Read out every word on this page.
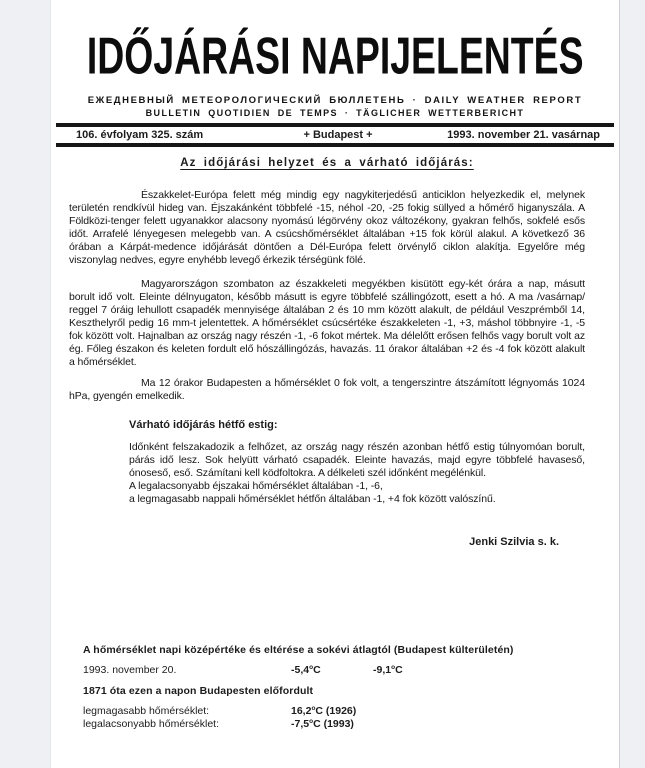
IDŐJÁRÁSI NAPIJELENTÉS
ЕЖЕДНЕВНЫЙ МЕТЕОРОЛОГИЧЕСКИЙ БЮЛЛЕТЕНЬ · DAILY WEATHER REPORT
BULLETIN QUOTIDIEN DE TEMPS · TÄGLICHER WETTERBERICHT
106. évfolyam 325. szám	+ Budapest +	1993. november 21. vasárnap
Az időjárási helyzet és a várható időjárás:

Északkelet-Európa felett még mindig egy nagykiterjedésű anticiklon helyezkedik el, melynek területén rendkívül hideg van. Éjszakánként többfelé -15, néhol -20, -25 fokig süllyed a hőmérő higanyszála. A Földközi-tenger felett ugyanakkor alacsony nyomású légörvény okoz változékony, gyakran felhős, sokfelé esős időt. Arrafelé lényegesen melegebb van. A csúcshőmérséklet általában +15 fok körül alakul. A következő 36 órában a Kárpát-medence időjárását döntően a Dél-Európa felett örvénylő ciklon alakítja. Egyelőre még viszonylag nedves, egyre enyhébb levegő érkezik térségünk fölé.

Magyarországon szombaton az északkeleti megyékben kisütött egy-két órára a nap, másutt borult idő volt. Eleinte délnyugaton, később másutt is egyre többfelé szállingózott, esett a hó. A ma /vasárnap/ reggel 7 óráig lehullott csapadék mennyisége általában 2 és 10 mm között alakult, de például Veszprémből 14, Keszthelyről pedig 16 mm-t jelentettek. A hőmérséklet csúcsértéke északkeleten -1, +3, máshol többnyire -1, -5 fok között volt. Hajnalban az ország nagy részén -1, -6 fokot mértek. Ma délelőtt erősen felhős vagy borult volt az ég. Főleg északon és keleten fordult elő hószállingózás, havazás. 11 órakor általában +2 és -4 fok között alakult a hőmérséklet.

Ma 12 órakor Budapesten a hőmérséklet 0 fok volt, a tengerszintre átszámított légnyomás 1024 hPa, gyengén emelkedik.

Várható időjárás hétfő estig:

Időnként felszakadozik a felhőzet, az ország nagy részén azonban hétfő estig túlnyomóan borult, párás idő lesz. Sok helyütt várható csapadék. Eleinte havazás, majd egyre többfelé havaseső, ónoseső, eső. Számítani kell ködfoltokra. A délkeleti szél időnként megélénkül.

A legalacsonyabb éjszakai hőmérséklet általában -1, -6,
a legmagasabb nappali hőmérséklet hétfőn általában -1, +4 fok között valószínű.
Jenki Szilvia s. k.
A hőmérséklet napi középértéke és eltérése a sokévi átlagtól (Budapest külterületén)
1993. november 20.	-5,4$^o$C	-9,1$^o$C
1871 óta ezen a napon Budapesten előfordult
legmagasabb hőmérséklet:	16,2$^o$C (1926)
legalacsonyabb hőmérséklet:	-7,5$^o$C (1993)
